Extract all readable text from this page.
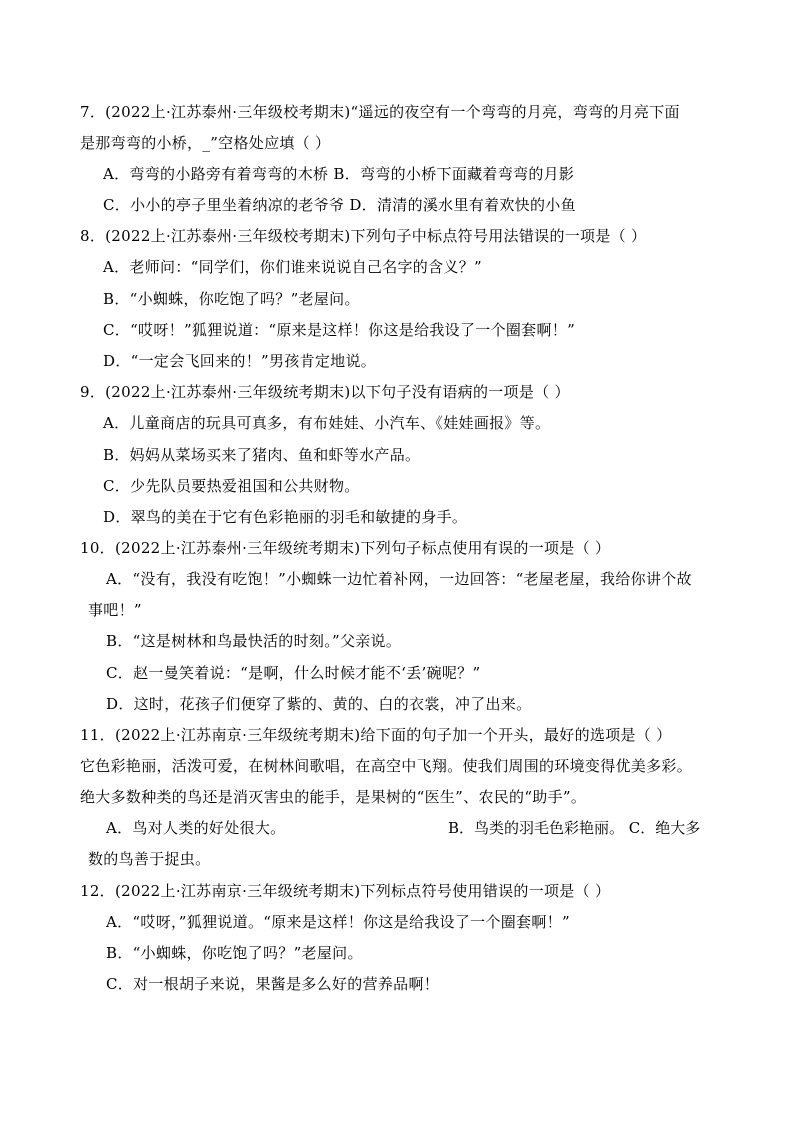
7．(2022上·江苏泰州·三年级校考期末)“遥远的夜空有一个弯弯的月亮，弯弯的月亮下面
是那弯弯的小桥，_”空格处应填（ ）
A．弯弯的小路旁有着弯弯的木桥 B．弯弯的小桥下面藏着弯弯的月影
C．小小的亭子里坐着纳凉的老爷爷 D．清清的溪水里有着欢快的小鱼
8．(2022上·江苏泰州·三年级校考期末)下列句子中标点符号用法错误的一项是（ ）
A．老师问：“同学们，你们谁来说说自己名字的含义？”
B．“小蜘蛛，你吃饱了吗？”老屋问。
C．“哎呀！”狐狸说道：“原来是这样！你这是给我设了一个圈套啊！”
D．“一定会飞回来的！”男孩肯定地说。
9．(2022上·江苏泰州·三年级统考期末)以下句子没有语病的一项是（ ）
A．儿童商店的玩具可真多，有布娃娃、小汽车、《娃娃画报》等。
B．妈妈从菜场买来了猪肉、鱼和虾等水产品。
C．少先队员要热爱祖国和公共财物。
D．翠鸟的美在于它有色彩艳丽的羽毛和敏捷的身手。
10．(2022上·江苏泰州·三年级统考期末)下列句子标点使用有误的一项是（ ）
A．“没有，我没有吃饱！”小蜘蛛一边忙着补网，一边回答：“老屋老屋，我给你讲个故
事吧！”
B．“这是树林和鸟最快活的时刻。”父亲说。
C．赵一曼笑着说：“是啊，什么时候才能不‘丢’碗呢？”
D．这时，花孩子们便穿了紫的、黄的、白的衣裳，冲了出来。
11．(2022上·江苏南京·三年级统考期末)给下面的句子加一个开头，最好的选项是（ ）
它色彩艳丽，活泼可爱，在树林间歌唱，在高空中飞翔。使我们周围的环境变得优美多彩。
绝大多数种类的鸟还是消灭害虫的能手，是果树的“医生”、农民的“助手”。
A．鸟对人类的好处很大。	B．鸟类的羽毛色彩艳丽。 C．绝大多
数的鸟善于捉虫。
12．(2022上·江苏南京·三年级统考期末)下列标点符号使用错误的一项是（ ）
A．“哎呀，”狐狸说道。“原来是这样！你这是给我设了一个圈套啊！”
B．“小蜘蛛，你吃饱了吗？”老屋问。
C．对一根胡子来说，果酱是多么好的营养品啊！
